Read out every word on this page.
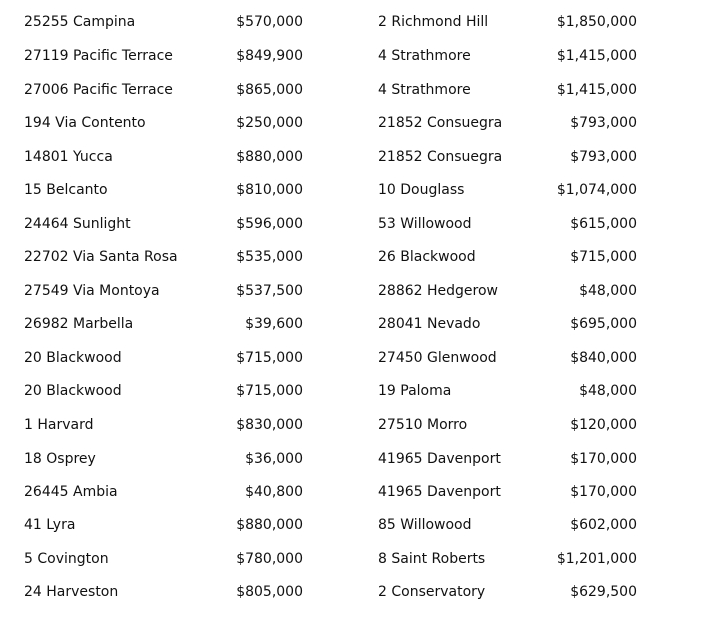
25255 Campina	$570,000	2 Richmond Hill	$1,850,000
27119 Pacific Terrace	$849,900	4 Strathmore	$1,415,000
27006 Pacific Terrace	$865,000	4 Strathmore	$1,415,000
194 Via Contento	$250,000	21852 Consuegra	$793,000
14801 Yucca	$880,000	21852 Consuegra	$793,000
15 Belcanto	$810,000	10 Douglass	$1,074,000
24464 Sunlight	$596,000	53 Willowood	$615,000
22702 Via Santa Rosa	$535,000	26 Blackwood	$715,000
27549 Via Montoya	$537,500	28862 Hedgerow	$48,000
26982 Marbella	$39,600	28041 Nevado	$695,000
20 Blackwood	$715,000	27450 Glenwood	$840,000
20 Blackwood	$715,000	19 Paloma	$48,000
1 Harvard	$830,000	27510 Morro	$120,000
18 Osprey	$36,000	41965 Davenport	$170,000
26445 Ambia	$40,800	41965 Davenport	$170,000
41 Lyra	$880,000	85 Willowood	$602,000
5 Covington	$780,000	8 Saint Roberts	$1,201,000
24 Harveston	$805,000	2 Conservatory	$629,500
